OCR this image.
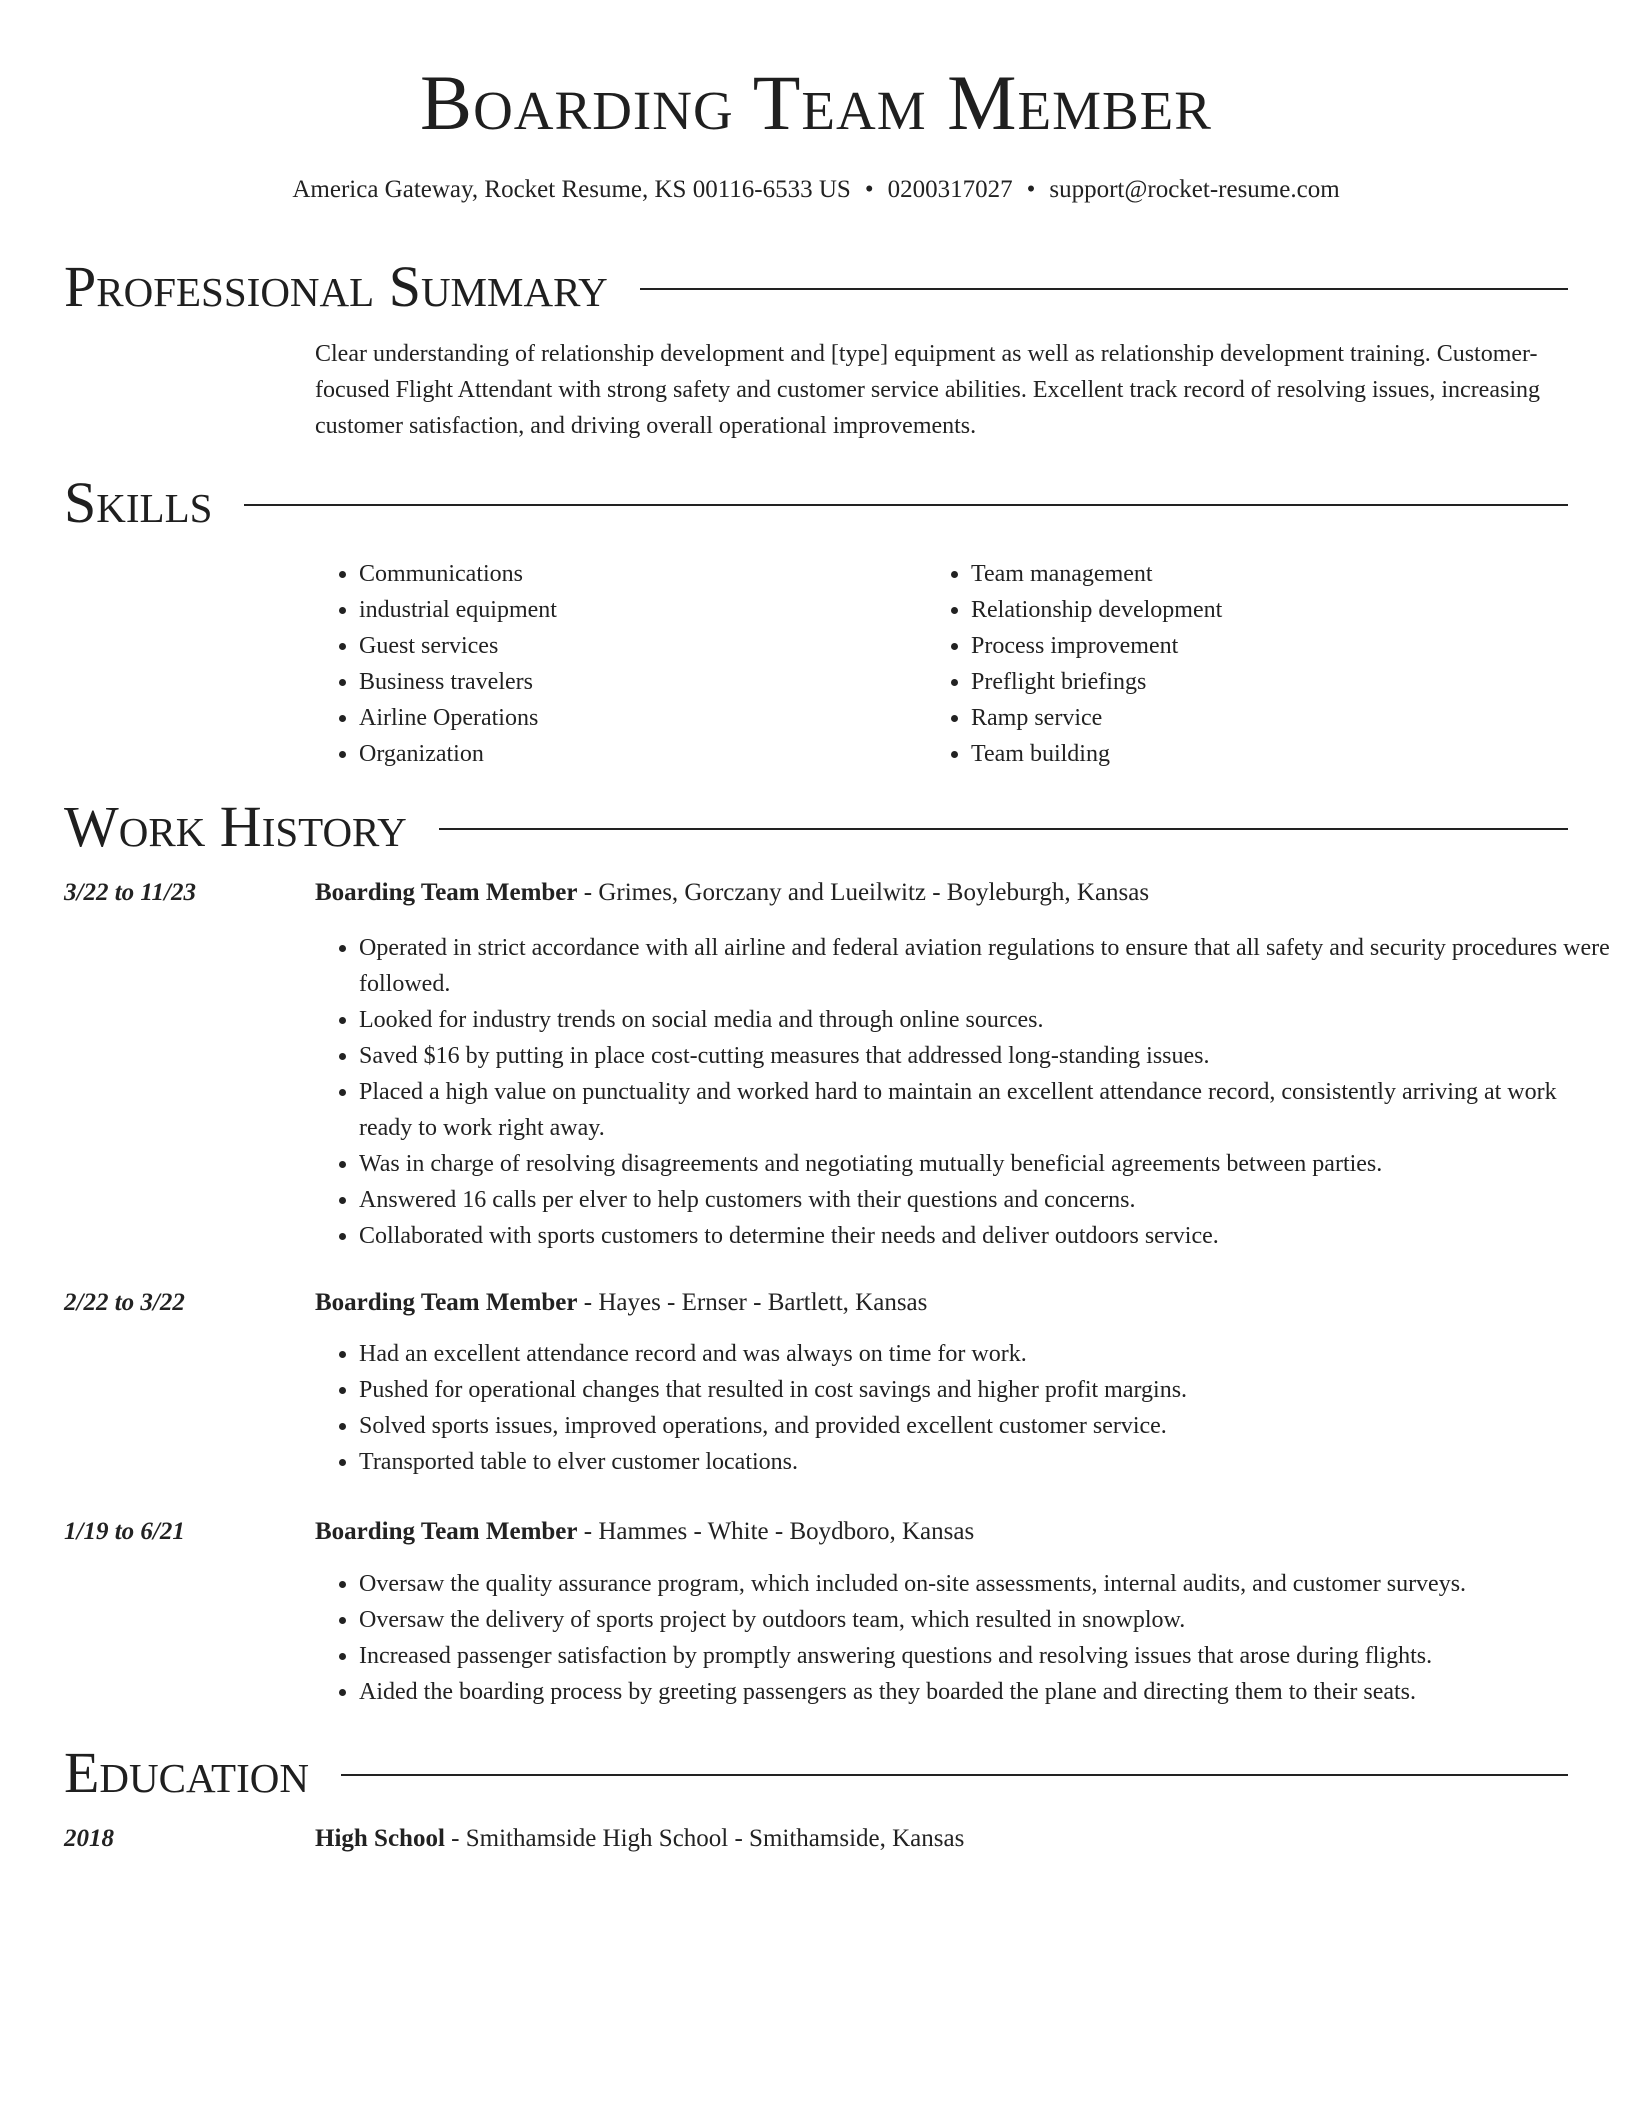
Boarding Team Member
America Gateway, Rocket Resume, KS 00116-6533 US • 0200317027 • support@rocket-resume.com
Professional Summary

Clear understanding of relationship development and [type] equipment as well as relationship development training. Customer-focused Flight Attendant with strong safety and customer service abilities. Excellent track record of resolving issues, increasing customer satisfaction, and driving overall operational improvements.

Skills
• Communications
• industrial equipment
• Guest services
• Business travelers
• Airline Operations
• Organization
• Team management
• Relationship development
• Process improvement
• Preflight briefings
• Ramp service
• Team building
Work History
3/22 to 11/23	Boarding Team Member - Grimes, Gorczany and Lueilwitz - Boyleburgh, Kansas
• Operated in strict accordance with all airline and federal aviation regulations to ensure that all safety and security procedures were followed.
• Looked for industry trends on social media and through online sources.
• Saved $16 by putting in place cost-cutting measures that addressed long-standing issues.
• Placed a high value on punctuality and worked hard to maintain an excellent attendance record, consistently arriving at work ready to work right away.
• Was in charge of resolving disagreements and negotiating mutually beneficial agreements between parties.
• Answered 16 calls per elver to help customers with their questions and concerns.
• Collaborated with sports customers to determine their needs and deliver outdoors service.
2/22 to 3/22	Boarding Team Member - Hayes - Ernser - Bartlett, Kansas
• Had an excellent attendance record and was always on time for work.
• Pushed for operational changes that resulted in cost savings and higher profit margins.
• Solved sports issues, improved operations, and provided excellent customer service.
• Transported table to elver customer locations.
1/19 to 6/21	Boarding Team Member - Hammes - White - Boydboro, Kansas
• Oversaw the quality assurance program, which included on-site assessments, internal audits, and customer surveys.
• Oversaw the delivery of sports project by outdoors team, which resulted in snowplow.
• Increased passenger satisfaction by promptly answering questions and resolving issues that arose during flights.
• Aided the boarding process by greeting passengers as they boarded the plane and directing them to their seats.
Education
2018	High School - Smithamside High School - Smithamside, Kansas
